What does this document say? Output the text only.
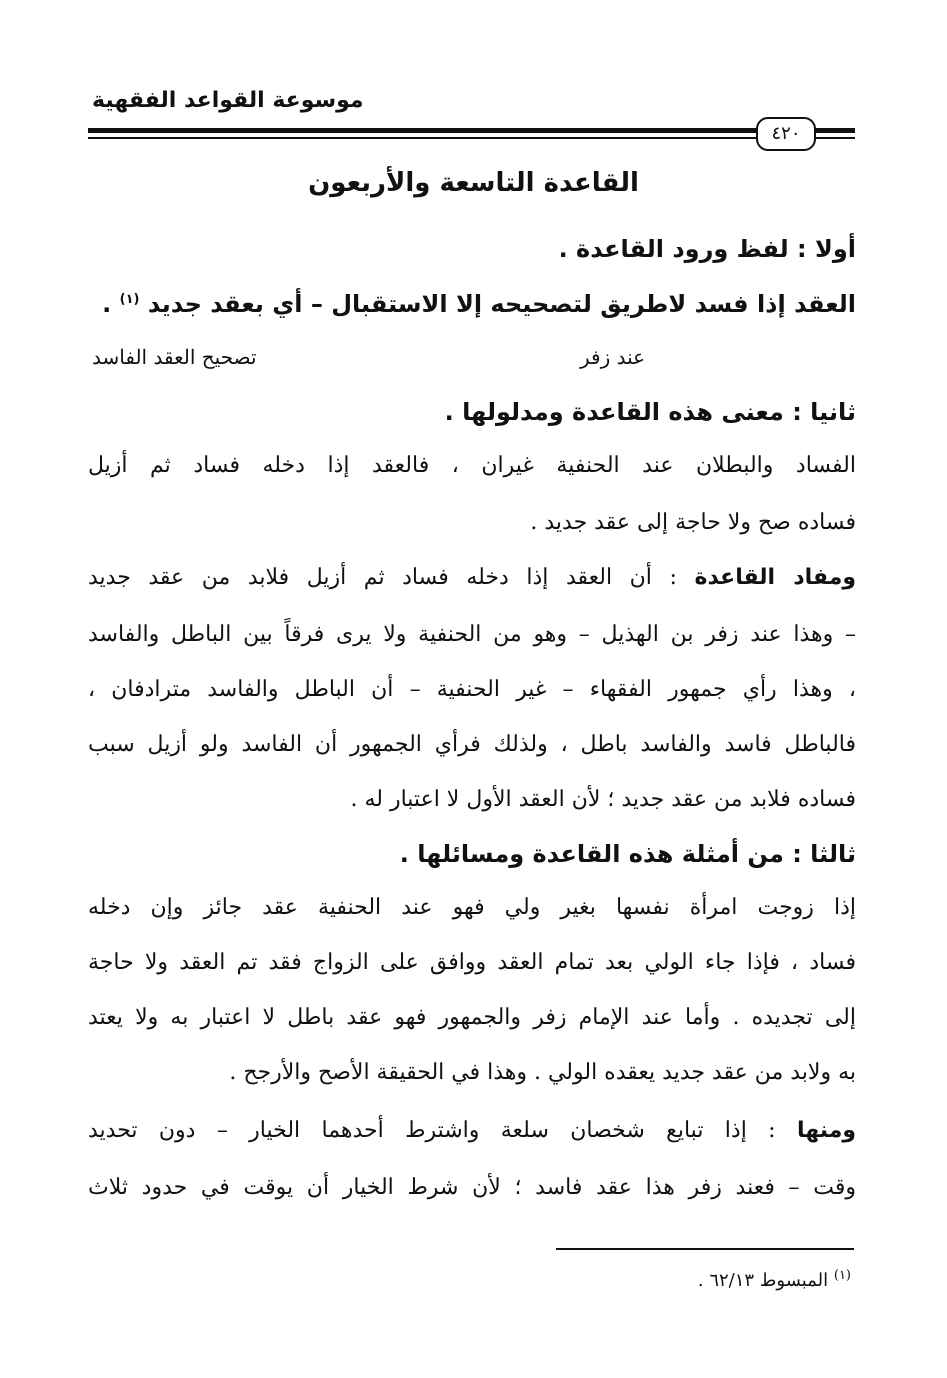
موسوعة القواعد الفقهية
٤٢٠
القاعدة التاسعة والأربعون
أولا : لفظ ورود القاعدة .
العقد إذا فسد لاطريق لتصحيحه إلا الاستقبال – أي بعقد جديد $^{(١)}$ .
عند زفر
تصحيح العقد الفاسد
ثانيا : معنى هذه القاعدة ومدلولها .
الفساد والبطلان عند الحنفية غيران ، فالعقد إذا دخله فساد ثم أزيل
فساده صح ولا حاجة إلى عقد جديد .
ومفاد القاعدة : أن العقد إذا دخله فساد ثم أزيل فلابد من عقد جديد
– وهذا عند زفر بن الهذيل – وهو من الحنفية ولا يرى فرقاً بين الباطل والفاسد
، وهذا رأي جمهور الفقهاء – غير الحنفية – أن الباطل والفاسد مترادفان ،
فالباطل فاسد والفاسد باطل ، ولذلك فرأي الجمهور أن الفاسد ولو أزيل سبب
فساده فلابد من عقد جديد ؛ لأن العقد الأول لا اعتبار له .
ثالثا : من أمثلة هذه القاعدة ومسائلها .
إذا زوجت امرأة نفسها بغير ولي فهو عند الحنفية عقد جائز وإن دخله
فساد ، فإذا جاء الولي بعد تمام العقد ووافق على الزواج فقد تم العقد ولا حاجة
إلى تجديده . وأما عند الإمام زفر والجمهور فهو عقد باطل لا اعتبار به ولا يعتد
به ولابد من عقد جديد يعقده الولي . وهذا في الحقيقة الأصح والأرجح .
ومنها : إذا تبايع شخصان سلعة واشترط أحدهما الخيار – دون تحديد
وقت – فعند زفر هذا عقد فاسد ؛ لأن شرط الخيار أن يوقت في حدود ثلاث
$^{(١)}$ المبسوط ٦٢/١٣ .
